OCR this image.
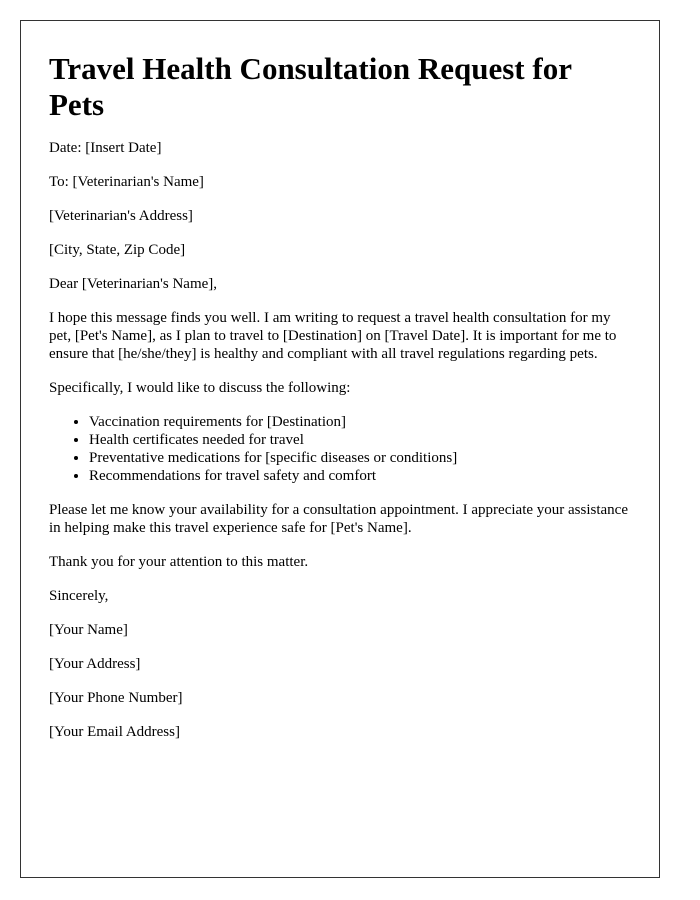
Travel Health Consultation Request for Pets

Date: [Insert Date]

To: [Veterinarian's Name]

[Veterinarian's Address]

[City, State, Zip Code]

Dear [Veterinarian's Name],

I hope this message finds you well. I am writing to request a travel health consultation for my pet, [Pet's Name], as I plan to travel to [Destination] on [Travel Date]. It is important for me to ensure that [he/she/they] is healthy and compliant with all travel regulations regarding pets.

Specifically, I would like to discuss the following:

• Vaccination requirements for [Destination]
• Health certificates needed for travel
• Preventative medications for [specific diseases or conditions]
• Recommendations for travel safety and comfort

Please let me know your availability for a consultation appointment. I appreciate your assistance in helping make this travel experience safe for [Pet's Name].

Thank you for your attention to this matter.

Sincerely,

[Your Name]

[Your Address]

[Your Phone Number]

[Your Email Address]
